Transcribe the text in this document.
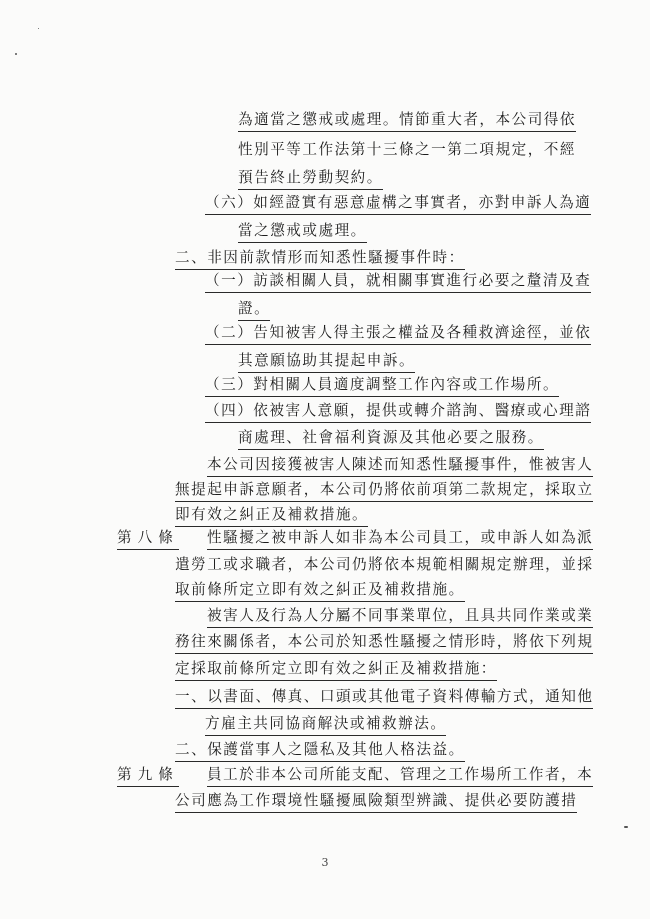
為適當之懲戒或處理。情節重大者，本公司得依
性別平等工作法第十三條之一第二項規定，不經
預告終止勞動契約。
（六）如經證實有惡意虛構之事實者，亦對申訴人為適
當之懲戒或處理。
二、非因前款情形而知悉性騷擾事件時：
（一）訪談相關人員，就相關事實進行必要之釐清及查
證。
（二）告知被害人得主張之權益及各種救濟途徑，並依
其意願協助其提起申訴。
（三）對相關人員適度調整工作內容或工作場所。
（四）依被害人意願，提供或轉介諮詢、醫療或心理諮
商處理、社會福利資源及其他必要之服務。
本公司因接獲被害人陳述而知悉性騷擾事件，惟被害人
無提起申訴意願者，本公司仍將依前項第二款規定，採取立
即有效之糾正及補救措施。
第八條 性騷擾之被申訴人如非為本公司員工，或申訴人如為派
遣勞工或求職者，本公司仍將依本規範相關規定辦理，並採
取前條所定立即有效之糾正及補救措施。
被害人及行為人分屬不同事業單位，且具共同作業或業
務往來關係者，本公司於知悉性騷擾之情形時，將依下列規
定採取前條所定立即有效之糾正及補救措施：
一、以書面、傳真、口頭或其他電子資料傳輸方式，通知他
方雇主共同協商解決或補救辦法。
二、保護當事人之隱私及其他人格法益。
第九條 員工於非本公司所能支配、管理之工作場所工作者，本
公司應為工作環境性騷擾風險類型辨識、提供必要防護措
3
